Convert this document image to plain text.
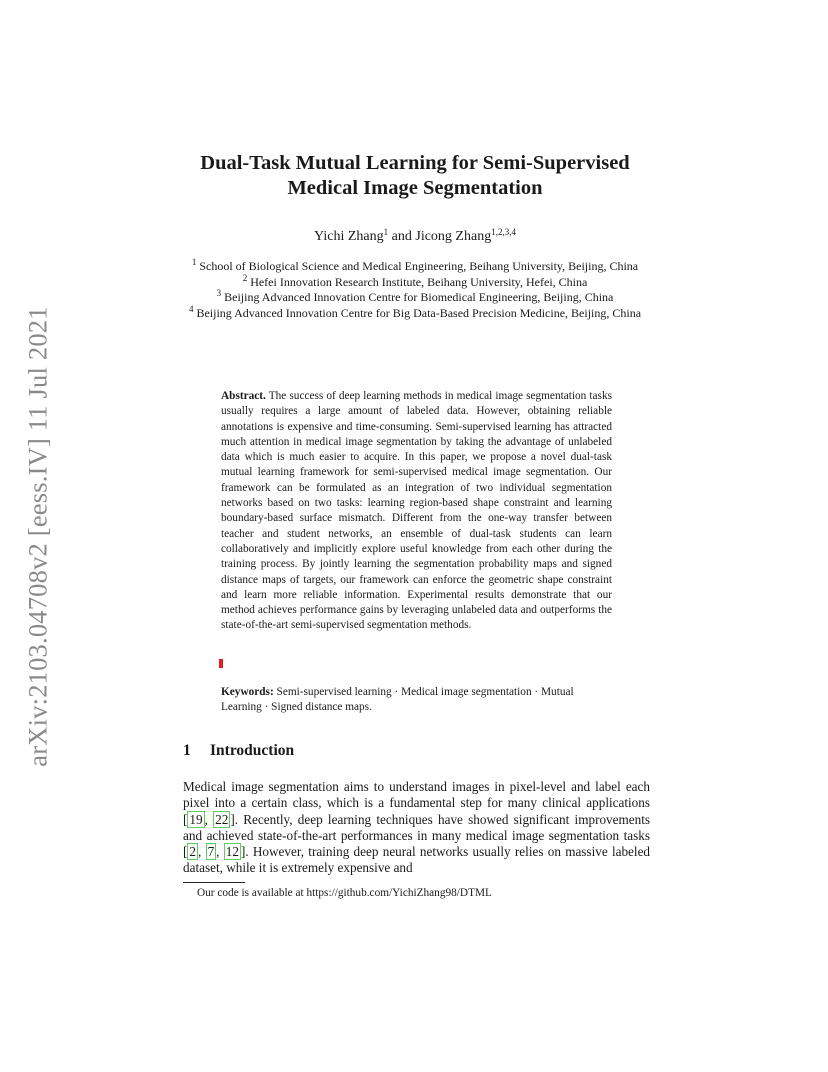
arXiv:2103.04708v2 [eess.IV] 11 Jul 2021
Dual-Task Mutual Learning for Semi-Supervised
Medical Image Segmentation
Yichi Zhang$^1$ and Jicong Zhang$^{1,2,3,4}$
$^1$ School of Biological Science and Medical Engineering, Beihang University, Beijing, China
$^2$ Hefei Innovation Research Institute, Beihang University, Hefei, China
$^3$ Beijing Advanced Innovation Centre for Biomedical Engineering, Beijing, China
$^4$ Beijing Advanced Innovation Centre for Big Data-Based Precision Medicine, Beijing, China
Abstract. The success of deep learning methods in medical image segmentation tasks usually requires a large amount of labeled data. However, obtaining reliable annotations is expensive and time-consuming. Semi-supervised learning has attracted much attention in medical image segmentation by taking the advantage of unlabeled data which is much easier to acquire. In this paper, we propose a novel dual-task mutual learning framework for semi-supervised medical image segmentation. Our framework can be formulated as an integration of two individual segmentation networks based on two tasks: learning region-based shape constraint and learning boundary-based surface mismatch. Different from the one-way transfer between teacher and student networks, an ensemble of dual-task students can learn collaboratively and implicitly explore useful knowledge from each other during the training process. By jointly learning the segmentation probability maps and signed distance maps of targets, our framework can enforce the geometric shape constraint and learn more reliable information. Experimental results demonstrate that our method achieves performance gains by leveraging unlabeled data and outperforms the state-of-the-art semi-supervised segmentation methods.
Keywords: Semi-supervised learning · Medical image segmentation · Mutual Learning · Signed distance maps.
1 Introduction
Medical image segmentation aims to understand images in pixel-level and label each pixel into a certain class, which is a fundamental step for many clinical applications [ 19 , 22 ]. Recently, deep learning techniques have showed significant improvements and achieved state-of-the-art performances in many medical image segmentation tasks [ 2 , 7 , 12 ]. However, training deep neural networks usually relies on massive labeled dataset, while it is extremely expensive and
Our code is available at https://github.com/YichiZhang98/DTML
